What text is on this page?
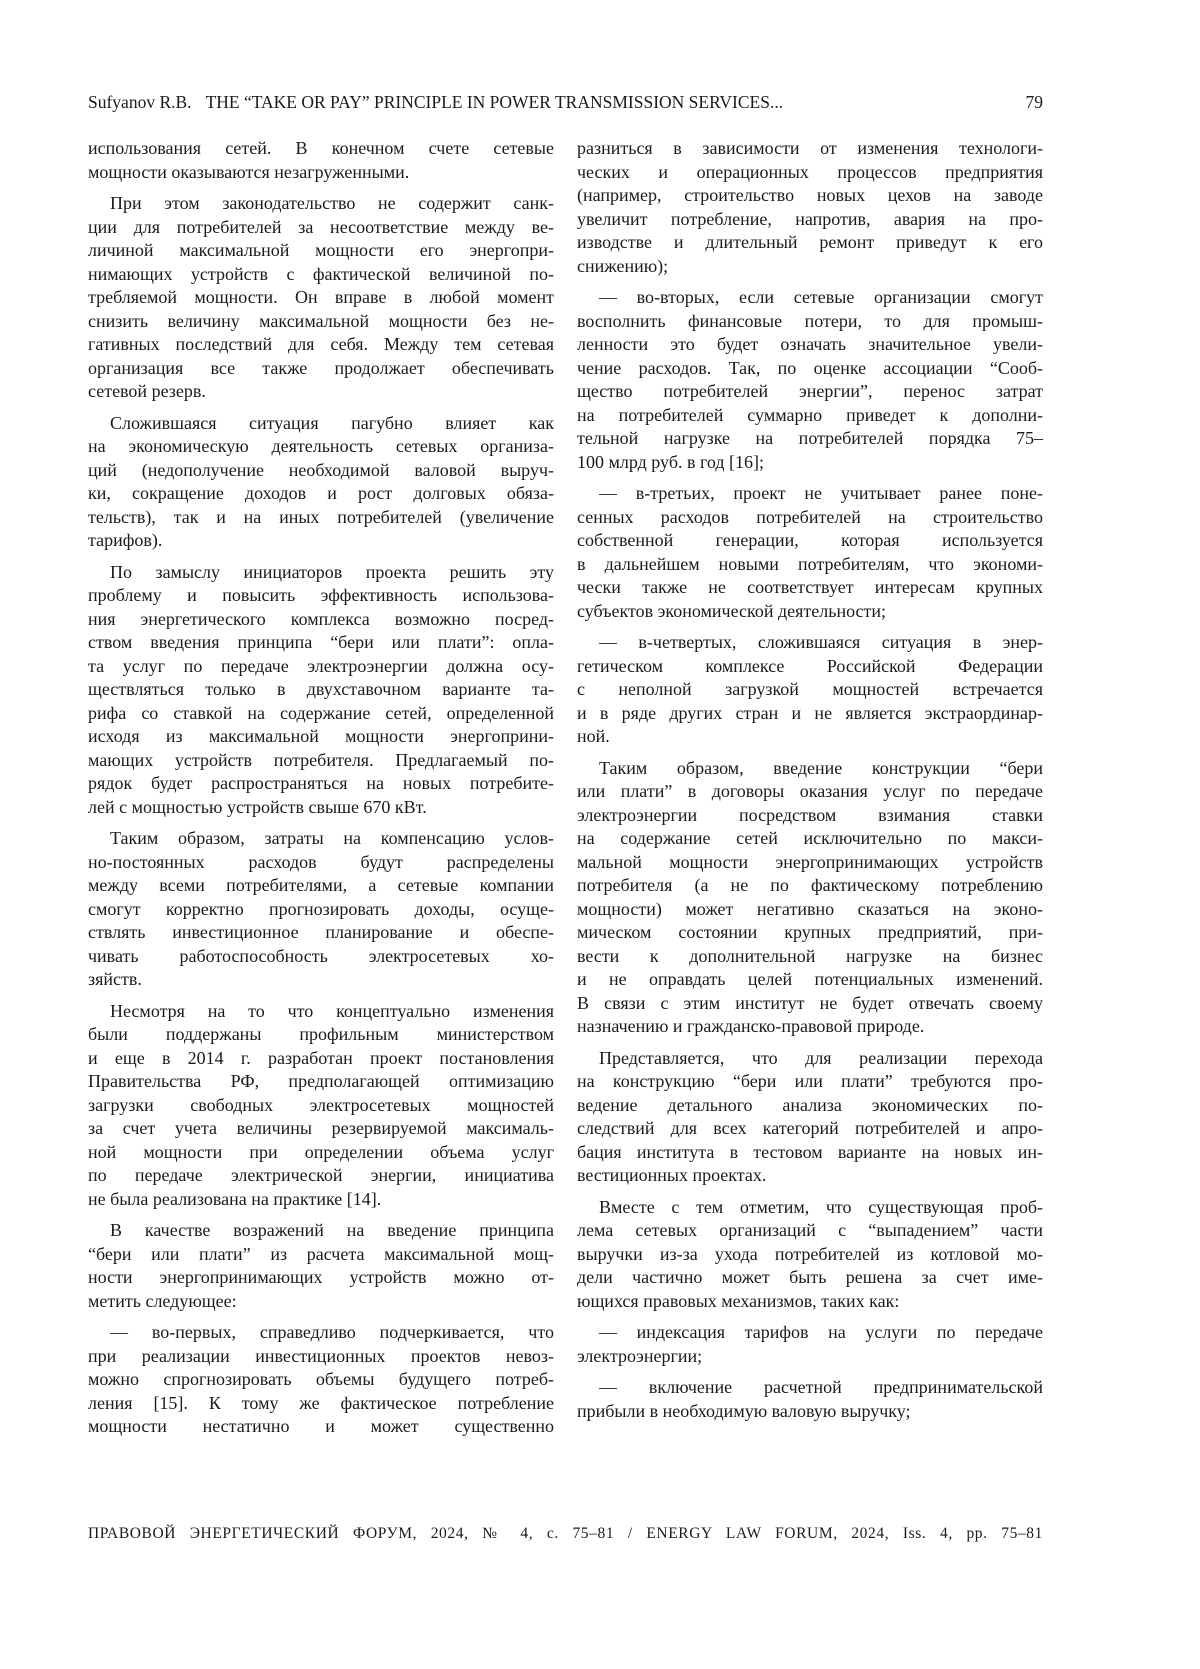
Sufyanov R.B. THE “TAKE OR PAY” PRINCIPLE IN POWER TRANSMISSION SERVICES...	79
использования сетей. В конечном счете сетевые
мощности оказываются незагруженными.
При этом законодательство не содержит санк-
ции для потребителей за несоответствие между ве-
личиной максимальной мощности его энергопри-
нимающих устройств с фактической величиной по-
требляемой мощности. Он вправе в любой момент
снизить величину максимальной мощности без не-
гативных последствий для себя. Между тем сетевая
организация все также продолжает обеспечивать
сетевой резерв.
Сложившаяся ситуация пагубно влияет как
на экономическую деятельность сетевых организа-
ций (недополучение необходимой валовой выруч-
ки, сокращение доходов и рост долговых обяза-
тельств), так и на иных потребителей (увеличение
тарифов).
По замыслу инициаторов проекта решить эту
проблему и повысить эффективность использова-
ния энергетического комплекса возможно посред-
ством введения принципа “бери или плати”: опла-
та услуг по передаче электроэнергии должна осу-
ществляться только в двухставочном варианте та-
рифа со ставкой на содержание сетей, определенной
исходя из максимальной мощности энергоприни-
мающих устройств потребителя. Предлагаемый по-
рядок будет распространяться на новых потребите-
лей с мощностью устройств свыше 670 кВт.
Таким образом, затраты на компенсацию услов-
но-постоянных расходов будут распределены
между всеми потребителями, а сетевые компании
смогут корректно прогнозировать доходы, осуще-
ствлять инвестиционное планирование и обеспе-
чивать работоспособность электросетевых хо-
зяйств.
Несмотря на то что концептуально изменения
были поддержаны профильным министерством
и еще в 2014 г. разработан проект постановления
Правительства РФ, предполагающей оптимизацию
загрузки свободных электросетевых мощностей
за счет учета величины резервируемой максималь-
ной мощности при определении объема услуг
по передаче электрической энергии, инициатива
не была реализована на практике [14].
В качестве возражений на введение принципа
“бери или плати” из расчета максимальной мощ-
ности энергопринимающих устройств можно от-
метить следующее:
— во-первых, справедливо подчеркивается, что
при реализации инвестиционных проектов невоз-
можно спрогнозировать объемы будущего потреб-
ления [15]. К тому же фактическое потребление
мощности нестатично и может существенно
разниться в зависимости от изменения технологи-
ческих и операционных процессов предприятия
(например, строительство новых цехов на заводе
увеличит потребление, напротив, авария на про-
изводстве и длительный ремонт приведут к его
снижению);
— во-вторых, если сетевые организации смогут
восполнить финансовые потери, то для промыш-
ленности это будет означать значительное увели-
чение расходов. Так, по оценке ассоциации “Сооб-
щество потребителей энергии”, перенос затрат
на потребителей суммарно приведет к дополни-
тельной нагрузке на потребителей порядка 75–
100 млрд руб. в год [16];
— в-третьих, проект не учитывает ранее поне-
сенных расходов потребителей на строительство
собственной генерации, которая используется
в дальнейшем новыми потребителям, что экономи-
чески также не соответствует интересам крупных
субъектов экономической деятельности;
— в-четвертых, сложившаяся ситуация в энер-
гетическом комплексе Российской Федерации
с неполной загрузкой мощностей встречается
и в ряде других стран и не является экстраординар-
ной.
Таким образом, введение конструкции “бери
или плати” в договоры оказания услуг по передаче
электроэнергии посредством взимания ставки
на содержание сетей исключительно по макси-
мальной мощности энергопринимающих устройств
потребителя (а не по фактическому потреблению
мощности) может негативно сказаться на эконо-
мическом состоянии крупных предприятий, при-
вести к дополнительной нагрузке на бизнес
и не оправдать целей потенциальных изменений.
В связи с этим институт не будет отвечать своему
назначению и гражданско-правовой природе.
Представляется, что для реализации перехода
на конструкцию “бери или плати” требуются про-
ведение детального анализа экономических по-
следствий для всех категорий потребителей и апро-
бация института в тестовом варианте на новых ин-
вестиционных проектах.
Вместе с тем отметим, что существующая проб-
лема сетевых организаций с “выпадением” части
выручки из-за ухода потребителей из котловой мо-
дели частично может быть решена за счет име-
ющихся правовых механизмов, таких как:
— индексация тарифов на услуги по передаче
электроэнергии;
— включение расчетной предпринимательской
прибыли в необходимую валовую выручку;
ПРАВОВОЙ ЭНЕРГЕТИЧЕСКИЙ ФОРУМ, 2024, № 4, с. 75–81 / ENERGY LAW FORUM, 2024, Iss. 4, pp. 75–81
